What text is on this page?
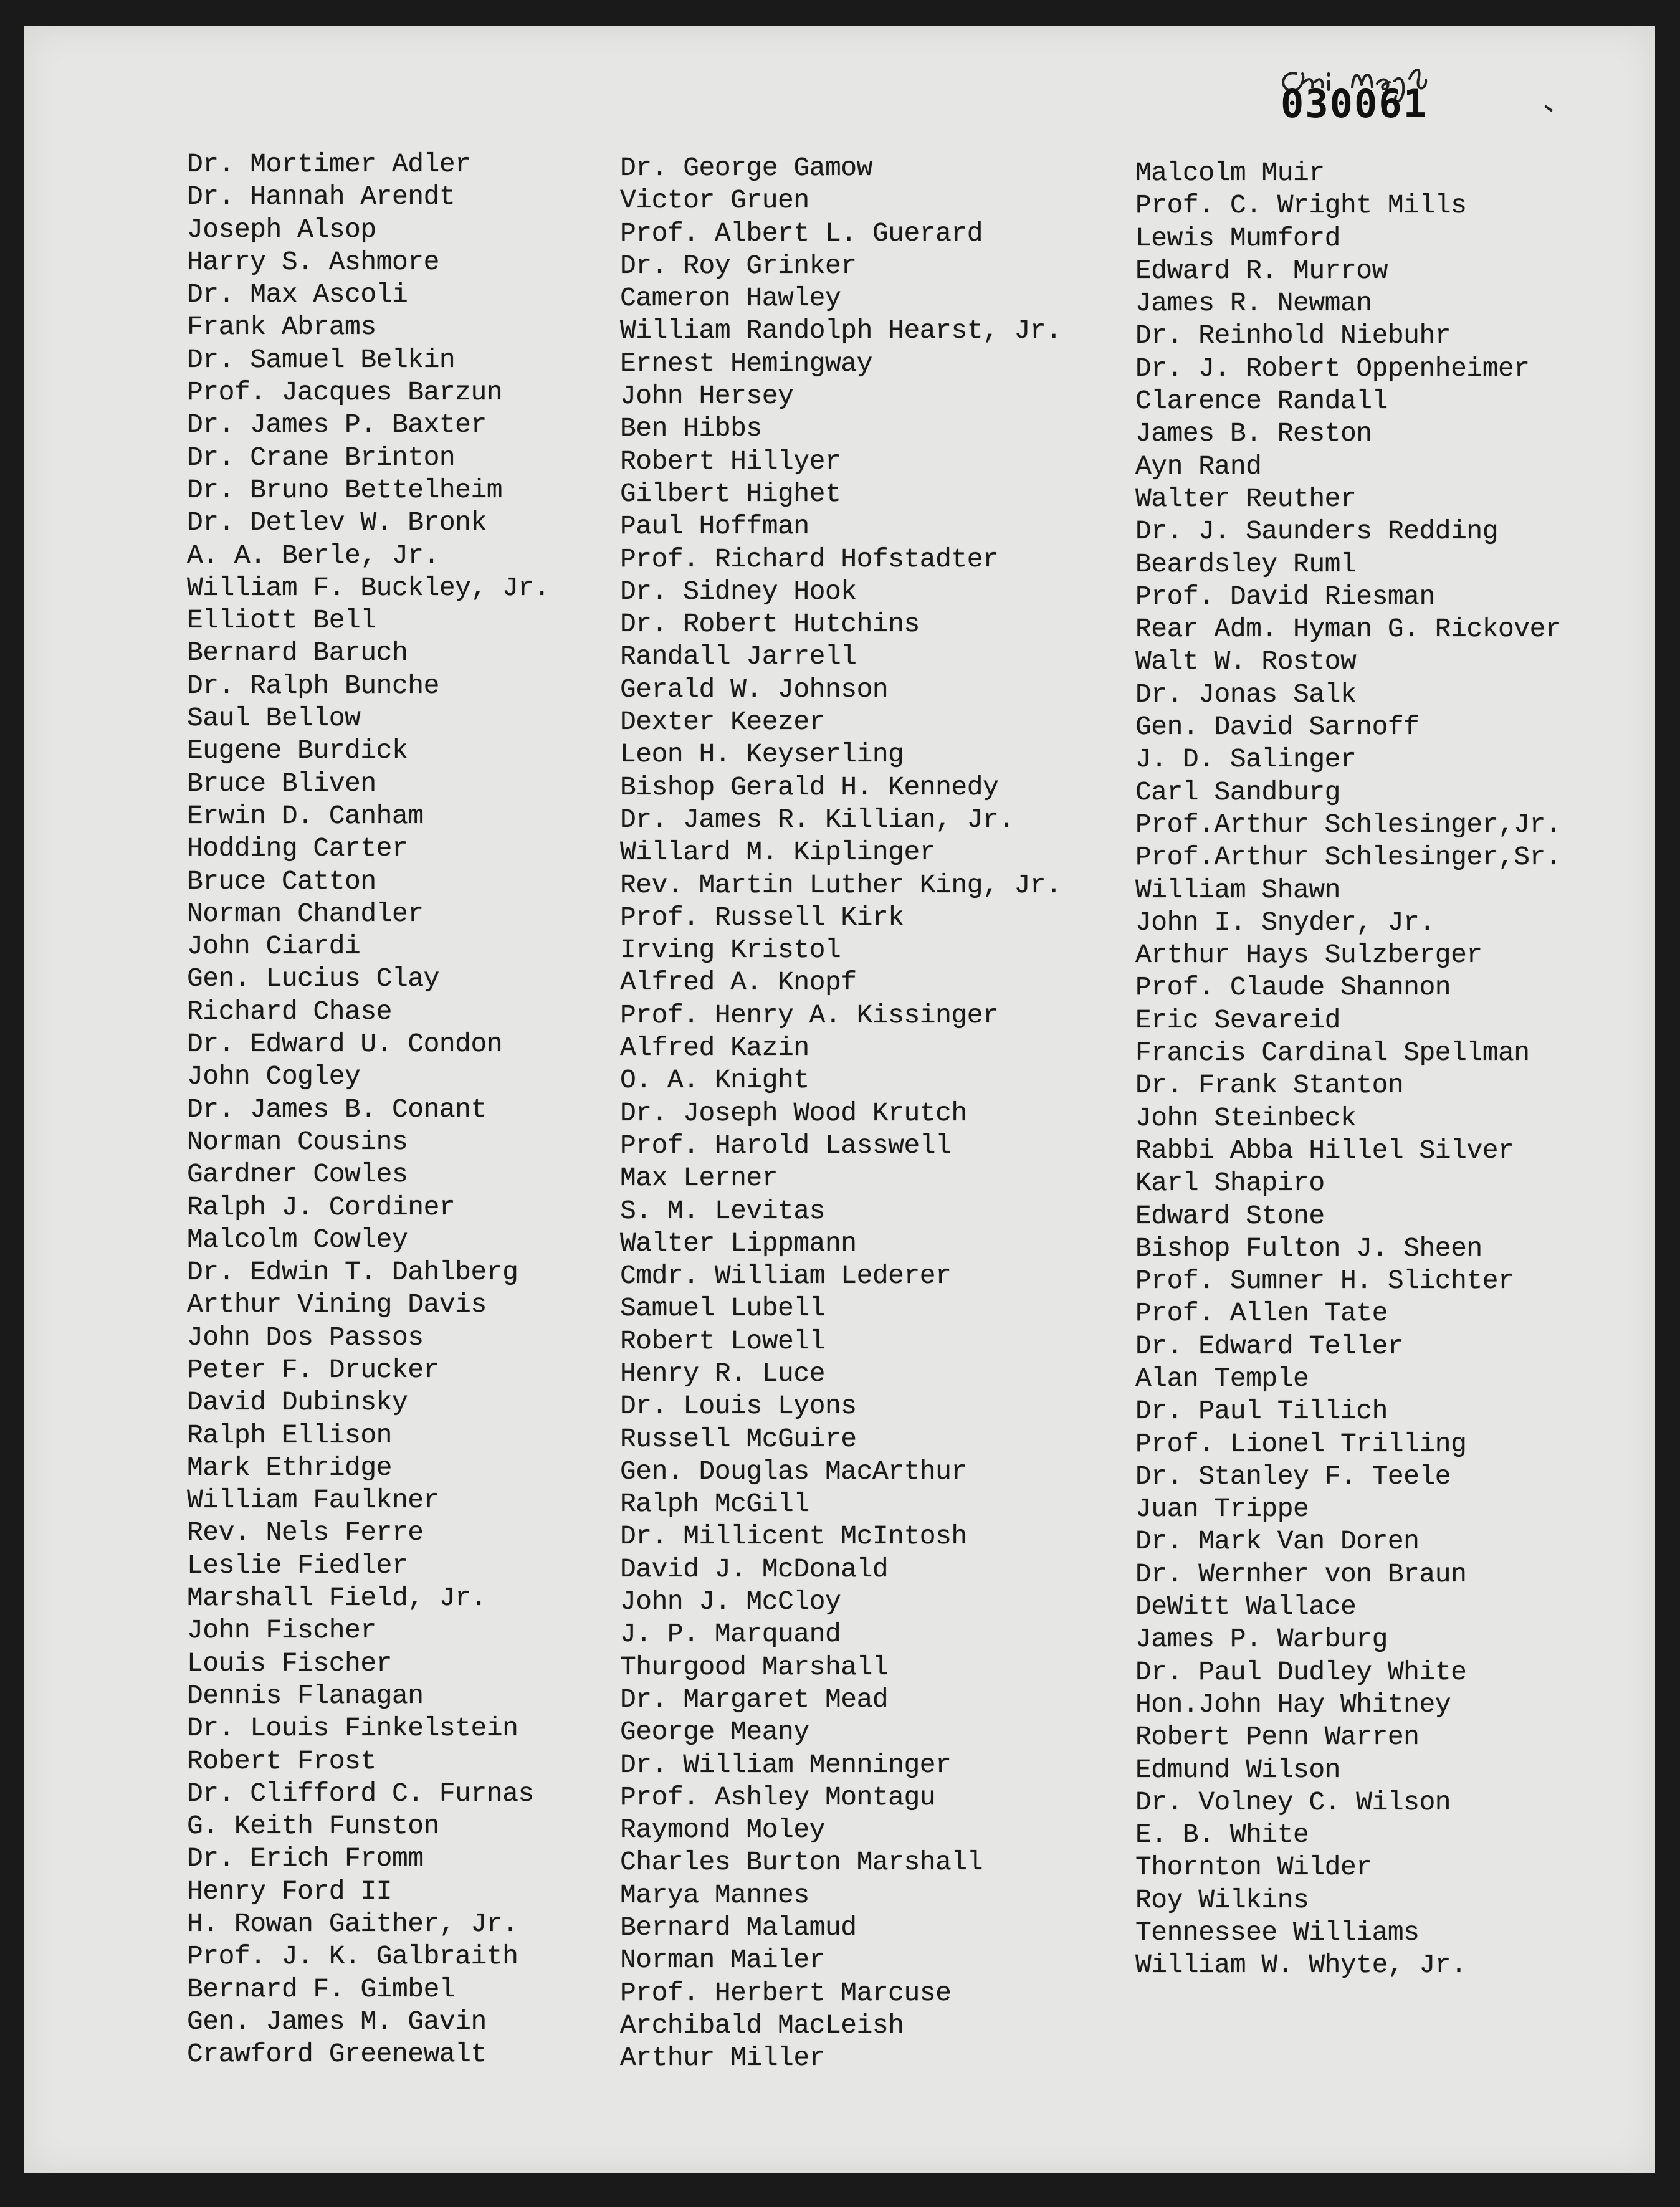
030061
Dr. Mortimer Adler
Dr. Hannah Arendt
Joseph Alsop
Harry S. Ashmore
Dr. Max Ascoli
Frank Abrams
Dr. Samuel Belkin
Prof. Jacques Barzun
Dr. James P. Baxter
Dr. Crane Brinton
Dr. Bruno Bettelheim
Dr. Detlev W. Bronk
A. A. Berle, Jr.
William F. Buckley, Jr.
Elliott Bell
Bernard Baruch
Dr. Ralph Bunche
Saul Bellow
Eugene Burdick
Bruce Bliven
Erwin D. Canham
Hodding Carter
Bruce Catton
Norman Chandler
John Ciardi
Gen. Lucius Clay
Richard Chase
Dr. Edward U. Condon
John Cogley
Dr. James B. Conant
Norman Cousins
Gardner Cowles
Ralph J. Cordiner
Malcolm Cowley
Dr. Edwin T. Dahlberg
Arthur Vining Davis
John Dos Passos
Peter F. Drucker
David Dubinsky
Ralph Ellison
Mark Ethridge
William Faulkner
Rev. Nels Ferre
Leslie Fiedler
Marshall Field, Jr.
John Fischer
Louis Fischer
Dennis Flanagan
Dr. Louis Finkelstein
Robert Frost
Dr. Clifford C. Furnas
G. Keith Funston
Dr. Erich Fromm
Henry Ford II
H. Rowan Gaither, Jr.
Prof. J. K. Galbraith
Bernard F. Gimbel
Gen. James M. Gavin
Crawford Greenewalt
Dr. George Gamow
Victor Gruen
Prof. Albert L. Guerard
Dr. Roy Grinker
Cameron Hawley
William Randolph Hearst, Jr.
Ernest Hemingway
John Hersey
Ben Hibbs
Robert Hillyer
Gilbert Highet
Paul Hoffman
Prof. Richard Hofstadter
Dr. Sidney Hook
Dr. Robert Hutchins
Randall Jarrell
Gerald W. Johnson
Dexter Keezer
Leon H. Keyserling
Bishop Gerald H. Kennedy
Dr. James R. Killian, Jr.
Willard M. Kiplinger
Rev. Martin Luther King, Jr.
Prof. Russell Kirk
Irving Kristol
Alfred A. Knopf
Prof. Henry A. Kissinger
Alfred Kazin
O. A. Knight
Dr. Joseph Wood Krutch
Prof. Harold Lasswell
Max Lerner
S. M. Levitas
Walter Lippmann
Cmdr. William Lederer
Samuel Lubell
Robert Lowell
Henry R. Luce
Dr. Louis Lyons
Russell McGuire
Gen. Douglas MacArthur
Ralph McGill
Dr. Millicent McIntosh
David J. McDonald
John J. McCloy
J. P. Marquand
Thurgood Marshall
Dr. Margaret Mead
George Meany
Dr. William Menninger
Prof. Ashley Montagu
Raymond Moley
Charles Burton Marshall
Marya Mannes
Bernard Malamud
Norman Mailer
Prof. Herbert Marcuse
Archibald MacLeish
Arthur Miller
Malcolm Muir
Prof. C. Wright Mills
Lewis Mumford
Edward R. Murrow
James R. Newman
Dr. Reinhold Niebuhr
Dr. J. Robert Oppenheimer
Clarence Randall
James B. Reston
Ayn Rand
Walter Reuther
Dr. J. Saunders Redding
Beardsley Ruml
Prof. David Riesman
Rear Adm. Hyman G. Rickover
Walt W. Rostow
Dr. Jonas Salk
Gen. David Sarnoff
J. D. Salinger
Carl Sandburg
Prof.Arthur Schlesinger,Jr.
Prof.Arthur Schlesinger,Sr.
William Shawn
John I. Snyder, Jr.
Arthur Hays Sulzberger
Prof. Claude Shannon
Eric Sevareid
Francis Cardinal Spellman
Dr. Frank Stanton
John Steinbeck
Rabbi Abba Hillel Silver
Karl Shapiro
Edward Stone
Bishop Fulton J. Sheen
Prof. Sumner H. Slichter
Prof. Allen Tate
Dr. Edward Teller
Alan Temple
Dr. Paul Tillich
Prof. Lionel Trilling
Dr. Stanley F. Teele
Juan Trippe
Dr. Mark Van Doren
Dr. Wernher von Braun
DeWitt Wallace
James P. Warburg
Dr. Paul Dudley White
Hon.John Hay Whitney
Robert Penn Warren
Edmund Wilson
Dr. Volney C. Wilson
E. B. White
Thornton Wilder
Roy Wilkins
Tennessee Williams
William W. Whyte, Jr.
